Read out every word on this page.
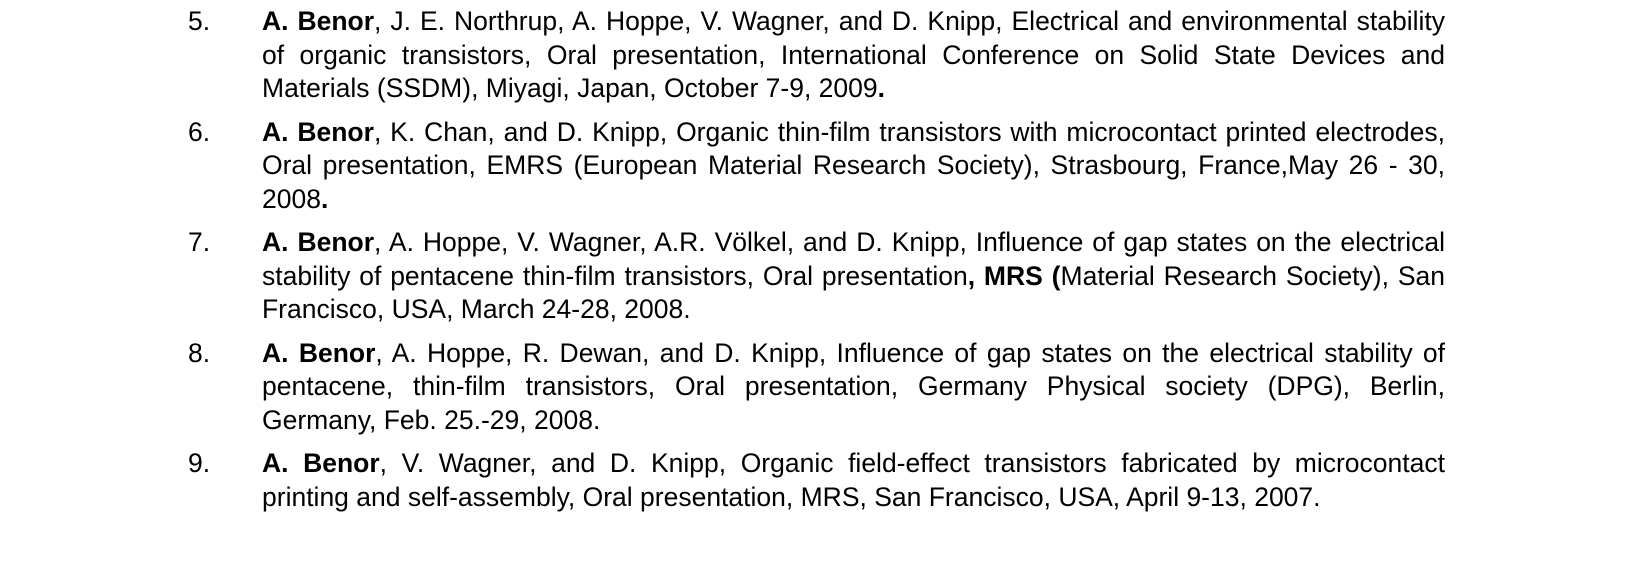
5. A. Benor, J. E. Northrup, A. Hoppe, V. Wagner, and D. Knipp, Electrical and environmental stability of organic transistors, Oral presentation, International Conference on Solid State Devices and Materials (SSDM), Miyagi, Japan, October 7-9, 2009.
6. A. Benor, K. Chan, and D. Knipp, Organic thin-film transistors with microcontact printed electrodes, Oral presentation, EMRS (European Material Research Society), Strasbourg, France,May 26 - 30, 2008.
7. A. Benor, A. Hoppe, V. Wagner, A.R. Völkel, and D. Knipp, Influence of gap states on the electrical stability of pentacene thin-film transistors, Oral presentation, MRS (Material Research Society), San Francisco, USA, March 24-28, 2008.
8. A. Benor, A. Hoppe, R. Dewan, and D. Knipp, Influence of gap states on the electrical stability of pentacene, thin-film transistors, Oral presentation, Germany Physical society (DPG), Berlin, Germany, Feb. 25.-29, 2008.
9. A. Benor, V. Wagner, and D. Knipp, Organic field-effect transistors fabricated by microcontact printing and self-assembly, Oral presentation, MRS, San Francisco, USA, April 9-13, 2007.
